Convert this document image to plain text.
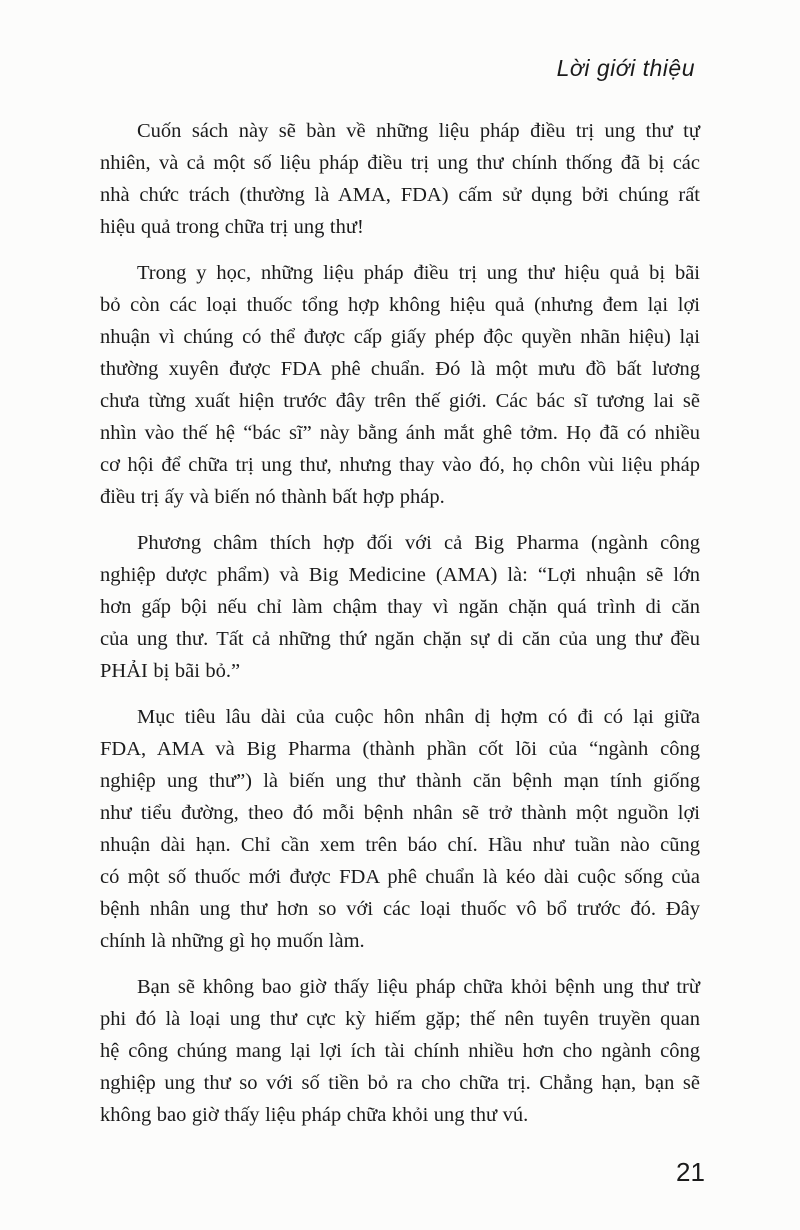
Lời giới thiệu
Cuốn sách này sẽ bàn về những liệu pháp điều trị ung thư tự
nhiên, và cả một số liệu pháp điều trị ung thư chính thống đã bị các
nhà chức trách (thường là AMA, FDA) cấm sử dụng bởi chúng rất
hiệu quả trong chữa trị ung thư!
Trong y học, những liệu pháp điều trị ung thư hiệu quả bị bãi
bỏ còn các loại thuốc tổng hợp không hiệu quả (nhưng đem lại lợi
nhuận vì chúng có thể được cấp giấy phép độc quyền nhãn hiệu) lại
thường xuyên được FDA phê chuẩn. Đó là một mưu đồ bất lương
chưa từng xuất hiện trước đây trên thế giới. Các bác sĩ tương lai sẽ
nhìn vào thế hệ “bác sĩ” này bằng ánh mắt ghê tởm. Họ đã có nhiều
cơ hội để chữa trị ung thư, nhưng thay vào đó, họ chôn vùi liệu pháp
điều trị ấy và biến nó thành bất hợp pháp.
Phương châm thích hợp đối với cả Big Pharma (ngành công
nghiệp dược phẩm) và Big Medicine (AMA) là: “Lợi nhuận sẽ lớn
hơn gấp bội nếu chỉ làm chậm thay vì ngăn chặn quá trình di căn
của ung thư. Tất cả những thứ ngăn chặn sự di căn của ung thư đều
PHẢI bị bãi bỏ.”
Mục tiêu lâu dài của cuộc hôn nhân dị hợm có đi có lại giữa
FDA, AMA và Big Pharma (thành phần cốt lõi của “ngành công
nghiệp ung thư”) là biến ung thư thành căn bệnh mạn tính giống
như tiểu đường, theo đó mỗi bệnh nhân sẽ trở thành một nguồn lợi
nhuận dài hạn. Chỉ cần xem trên báo chí. Hầu như tuần nào cũng
có một số thuốc mới được FDA phê chuẩn là kéo dài cuộc sống của
bệnh nhân ung thư hơn so với các loại thuốc vô bổ trước đó. Đây
chính là những gì họ muốn làm.
Bạn sẽ không bao giờ thấy liệu pháp chữa khỏi bệnh ung thư trừ
phi đó là loại ung thư cực kỳ hiếm gặp; thế nên tuyên truyền quan
hệ công chúng mang lại lợi ích tài chính nhiều hơn cho ngành công
nghiệp ung thư so với số tiền bỏ ra cho chữa trị. Chẳng hạn, bạn sẽ
không bao giờ thấy liệu pháp chữa khỏi ung thư vú.
21
